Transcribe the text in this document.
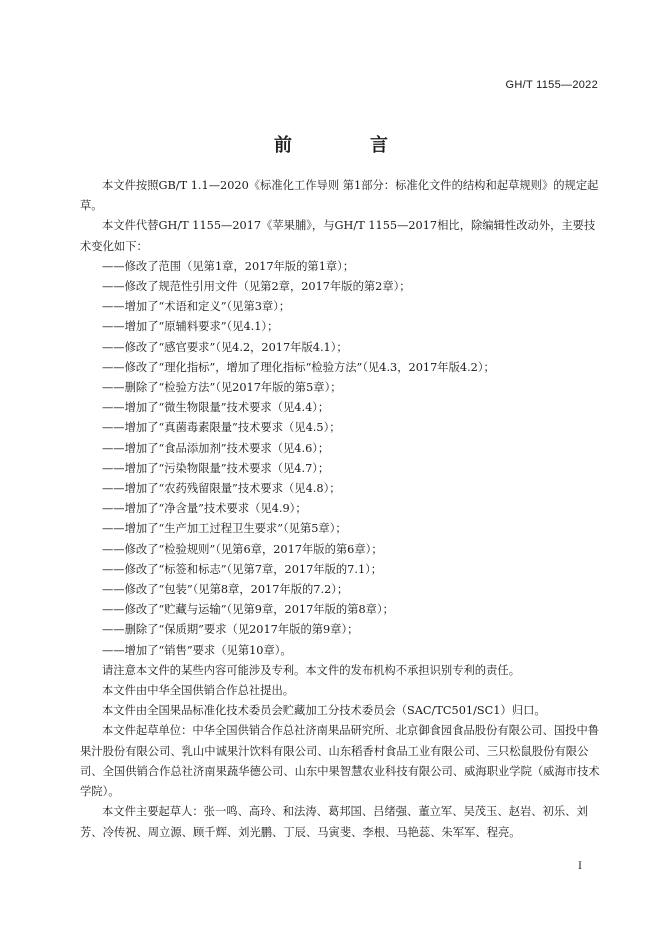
GH/T 1155—2022
前　言

本文件按照GB/T 1.1—2020《标准化工作导则 第1部分：标准化文件的结构和起草规则》的规定起草。

本文件代替GH/T 1155—2017《苹果脯》，与GH/T 1155—2017相比，除编辑性改动外，主要技术变化如下：

——修改了范围（见第1章，2017年版的第1章）；

——修改了规范性引用文件（见第2章，2017年版的第2章）；

——增加了“术语和定义”（见第3章）；

——增加了“原辅料要求”（见4.1）；

——修改了“感官要求”（见4.2，2017年版4.1）；

——修改了“理化指标”，增加了理化指标“检验方法”（见4.3，2017年版4.2）；

——删除了“检验方法”（见2017年版的第5章）；

——增加了“微生物限量”技术要求（见4.4）；

——增加了“真菌毒素限量”技术要求（见4.5）；

——增加了“食品添加剂”技术要求（见4.6）；

——增加了“污染物限量”技术要求（见4.7）；

——增加了“农药残留限量”技术要求（见4.8）；

——增加了“净含量”技术要求（见4.9）；

——增加了“生产加工过程卫生要求”（见第5章）；

——修改了“检验规则”（见第6章，2017年版的第6章）；

——修改了“标签和标志”（见第7章，2017年版的7.1）；

——修改了“包装”（见第8章，2017年版的7.2）；

——修改了“贮藏与运输”（见第9章，2017年版的第8章）；

——删除了“保质期”要求（见2017年版的第9章）；

——增加了“销售”要求（见第10章）。

请注意本文件的某些内容可能涉及专利。本文件的发布机构不承担识别专利的责任。

本文件由中华全国供销合作总社提出。

本文件由全国果品标准化技术委员会贮藏加工分技术委员会（SAC/TC501/SC1）归口。

本文件起草单位：中华全国供销合作总社济南果品研究所、北京御食园食品股份有限公司、国投中鲁果汁股份有限公司、乳山中诚果汁饮料有限公司、山东稻香村食品工业有限公司、三只松鼠股份有限公司、全国供销合作总社济南果蔬华德公司、山东中果智慧农业科技有限公司、威海职业学院（威海市技术学院）。

本文件主要起草人：张一鸣、高玲、和法涛、葛邦国、吕绪强、董立军、吴茂玉、赵岩、初乐、刘芳、冷传祝、周立源、顾千辉、刘光鹏、丁辰、马寅斐、李根、马艳蕊、朱军军、程亮。

I
